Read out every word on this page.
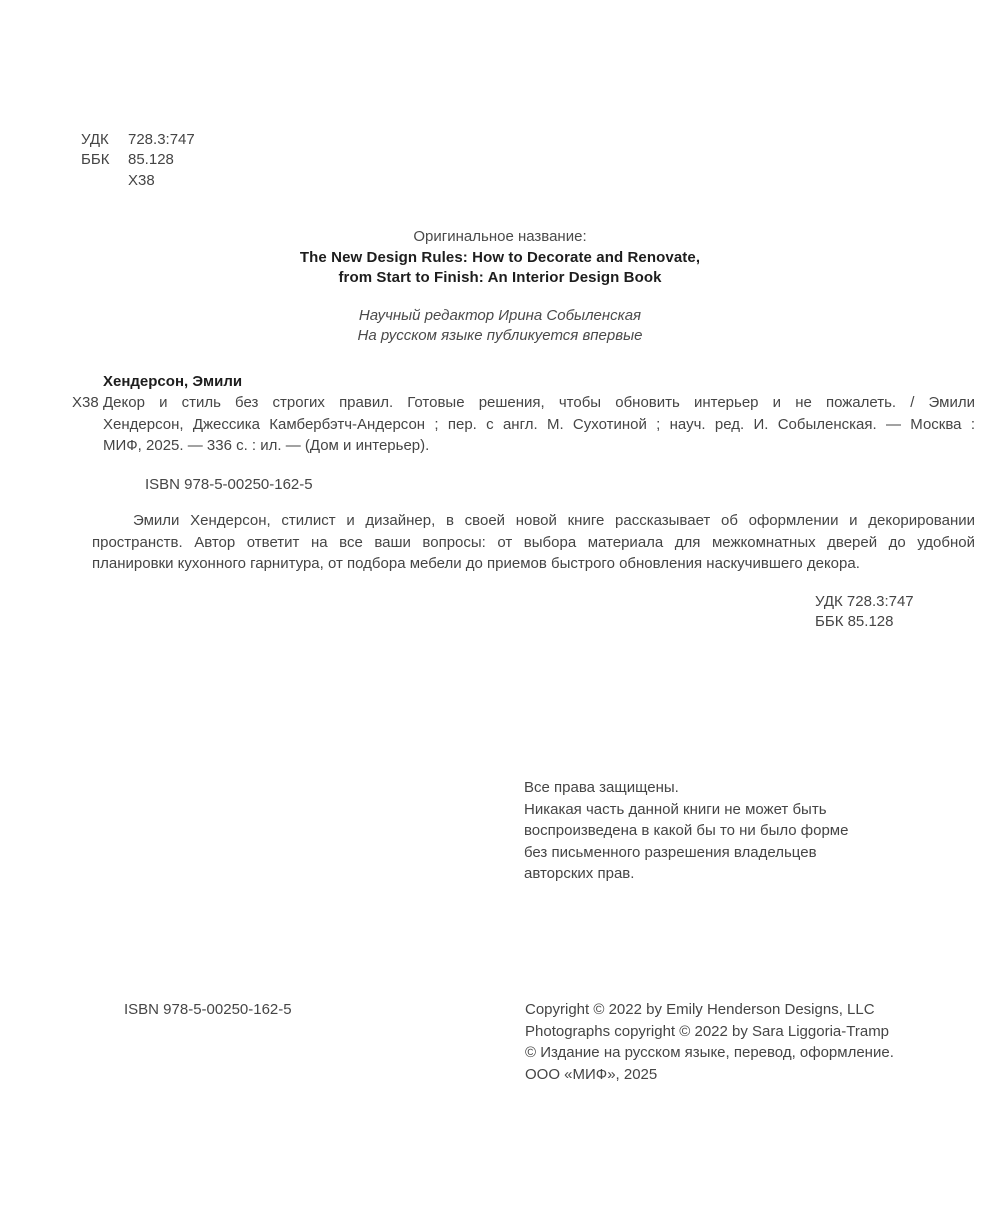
УДК	728.3:747
ББК	85.128
Х38
Оригинальное название:
The New Design Rules: How to Decorate and Renovate,
from Start to Finish: An Interior Design Book
Научный редактор Ирина Собыленская
На русском языке публикуется впервые
Хендерсон, Эмили
Х38 Декор и стиль без строгих правил. Готовые решения, чтобы обновить интерьер и не пожалеть. / Эмили
Хендерсон, Джессика Камбербэтч-Андерсон ; пер. с англ. М. Сухотиной ; науч. ред. И. Собыленская. — Москва :
МИФ, 2025. — 336 с. : ил. — (Дом и интерьер).
ISBN 978-5-00250-162-5
Эмили Хендерсон, стилист и дизайнер, в своей новой книге рассказывает об оформлении и декорировании
пространств. Автор ответит на все ваши вопросы: от выбора материала для межкомнатных дверей до удобной
планировки кухонного гарнитура, от подбора мебели до приемов быстрого обновления наскучившего декора.
УДК 728.3:747
ББК 85.128
Все права защищены.
Никакая часть данной книги не может быть
воспроизведена в какой бы то ни было форме
без письменного разрешения владельцев
авторских прав.
ISBN 978-5-00250-162-5	Copyright © 2022 by Emily Henderson Designs, LLC
Photographs copyright © 2022 by Sara Liggoria-Tramp
© Издание на русском языке, перевод, оформление.
ООО «МИФ», 2025
